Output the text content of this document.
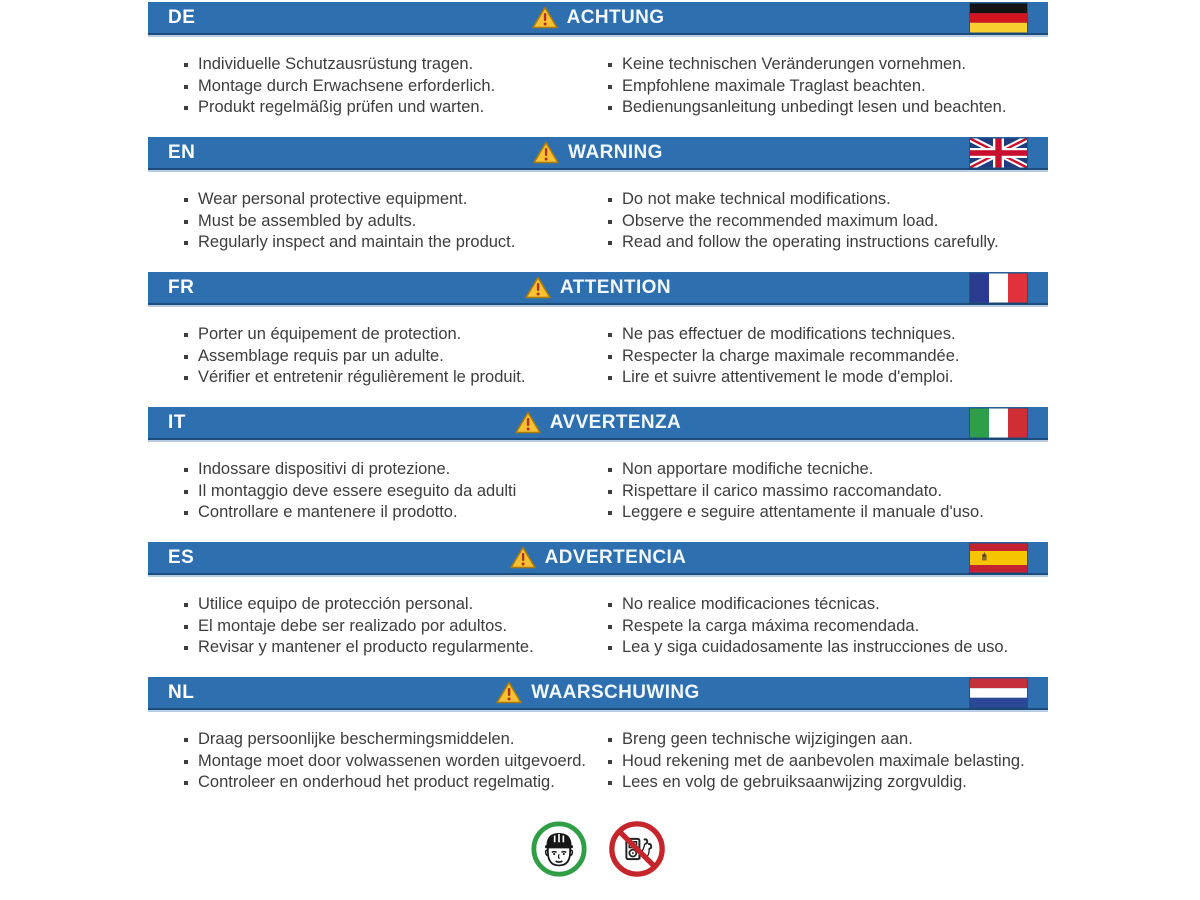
DE	ACHTUNG
Individuelle Schutzausrüstung tragen.
Montage durch Erwachsene erforderlich.
Produkt regelmäßig prüfen und warten.
Keine technischen Veränderungen vornehmen.
Empfohlene maximale Traglast beachten.
Bedienungsanleitung unbedingt lesen und beachten.
EN	WARNING
Wear personal protective equipment.
Must be assembled by adults.
Regularly inspect and maintain the product.
Do not make technical modifications.
Observe the recommended maximum load.
Read and follow the operating instructions carefully.
FR	ATTENTION
Porter un équipement de protection.
Assemblage requis par un adulte.
Vérifier et entretenir régulièrement le produit.
Ne pas effectuer de modifications techniques.
Respecter la charge maximale recommandée.
Lire et suivre attentivement le mode d'emploi.
IT	AVVERTENZA
Indossare dispositivi di protezione.
Il montaggio deve essere eseguito da adulti
Controllare e mantenere il prodotto.
Non apportare modifiche tecniche.
Rispettare il carico massimo raccomandato.
Leggere e seguire attentamente il manuale d'uso.
ES	ADVERTENCIA
Utilice equipo de protección personal.
El montaje debe ser realizado por adultos.
Revisar y mantener el producto regularmente.
No realice modificaciones técnicas.
Respete la carga máxima recomendada.
Lea y siga cuidadosamente las instrucciones de uso.
NL	WAARSCHUWING
Draag persoonlijke beschermingsmiddelen.
Montage moet door volwassenen worden uitgevoerd.
Controleer en onderhoud het product regelmatig.
Breng geen technische wijzigingen aan.
Houd rekening met de aanbevolen maximale belasting.
Lees en volg de gebruiksaanwijzing zorgvuldig.
